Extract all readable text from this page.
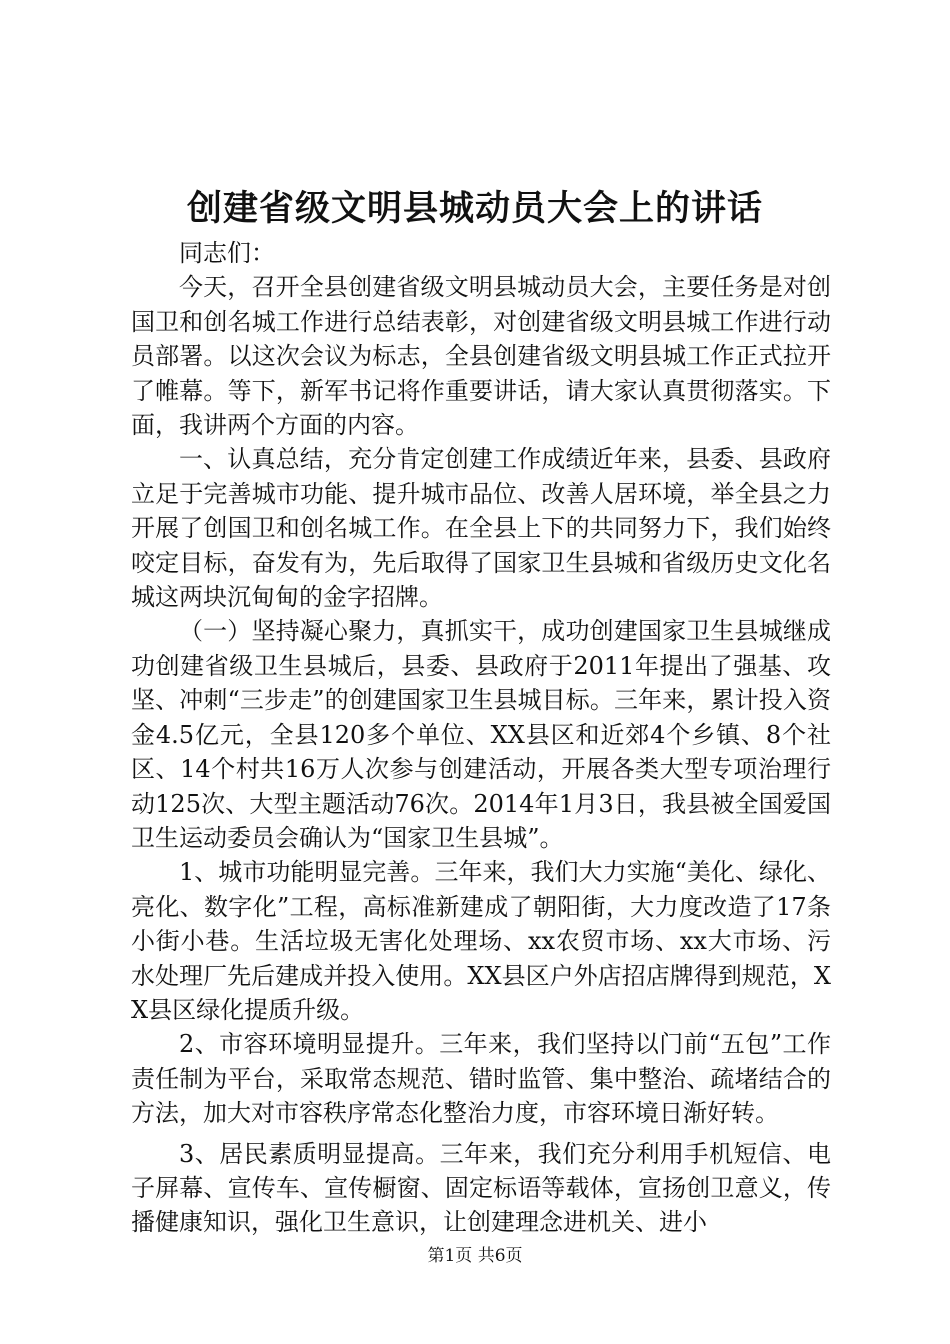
创建省级文明县城动员大会上的讲话

同志们：

今天，召开全县创建省级文明县城动员大会，主要任务是对创国卫和创名城工作进行总结表彰，对创建省级文明县城工作进行动员部署。以这次会议为标志，全县创建省级文明县城工作正式拉开了帷幕。等下，新军书记将作重要讲话，请大家认真贯彻落实。下面，我讲两个方面的内容。

一、认真总结，充分肯定创建工作成绩近年来，县委、县政府立足于完善城市功能、提升城市品位、改善人居环境，举全县之力开展了创国卫和创名城工作。在全县上下的共同努力下，我们始终咬定目标，奋发有为，先后取得了国家卫生县城和省级历史文化名城这两块沉甸甸的金字招牌。

（一）坚持凝心聚力，真抓实干，成功创建国家卫生县城继成功创建省级卫生县城后，县委、县政府于2011年提出了强基、攻坚、冲刺“三步走”的创建国家卫生县城目标。三年来，累计投入资金4.5亿元，全县120多个单位、XX县区和近郊4个乡镇、8个社区、14个村共16万人次参与创建活动，开展各类大型专项治理行动125次、大型主题活动76次。2014年1月3日，我县被全国爱国卫生运动委员会确认为“国家卫生县城”。

1、城市功能明显完善。三年来，我们大力实施“美化、绿化、亮化、数字化”工程，高标准新建成了朝阳街，大力度改造了17条小街小巷。生活垃圾无害化处理场、xx农贸市场、xx大市场、污水处理厂先后建成并投入使用。XX县区户外店招店牌得到规范，XX县区绿化提质升级。

2、市容环境明显提升。三年来，我们坚持以门前“五包”工作责任制为平台，采取常态规范、错时监管、集中整治、疏堵结合的方法，加大对市容秩序常态化整治力度，市容环境日渐好转。

3、居民素质明显提高。三年来，我们充分利用手机短信、电子屏幕、宣传车、宣传橱窗、固定标语等载体，宣扬创卫意义，传播健康知识，强化卫生意识，让创建理念进机关、进小

第1页 共6页
